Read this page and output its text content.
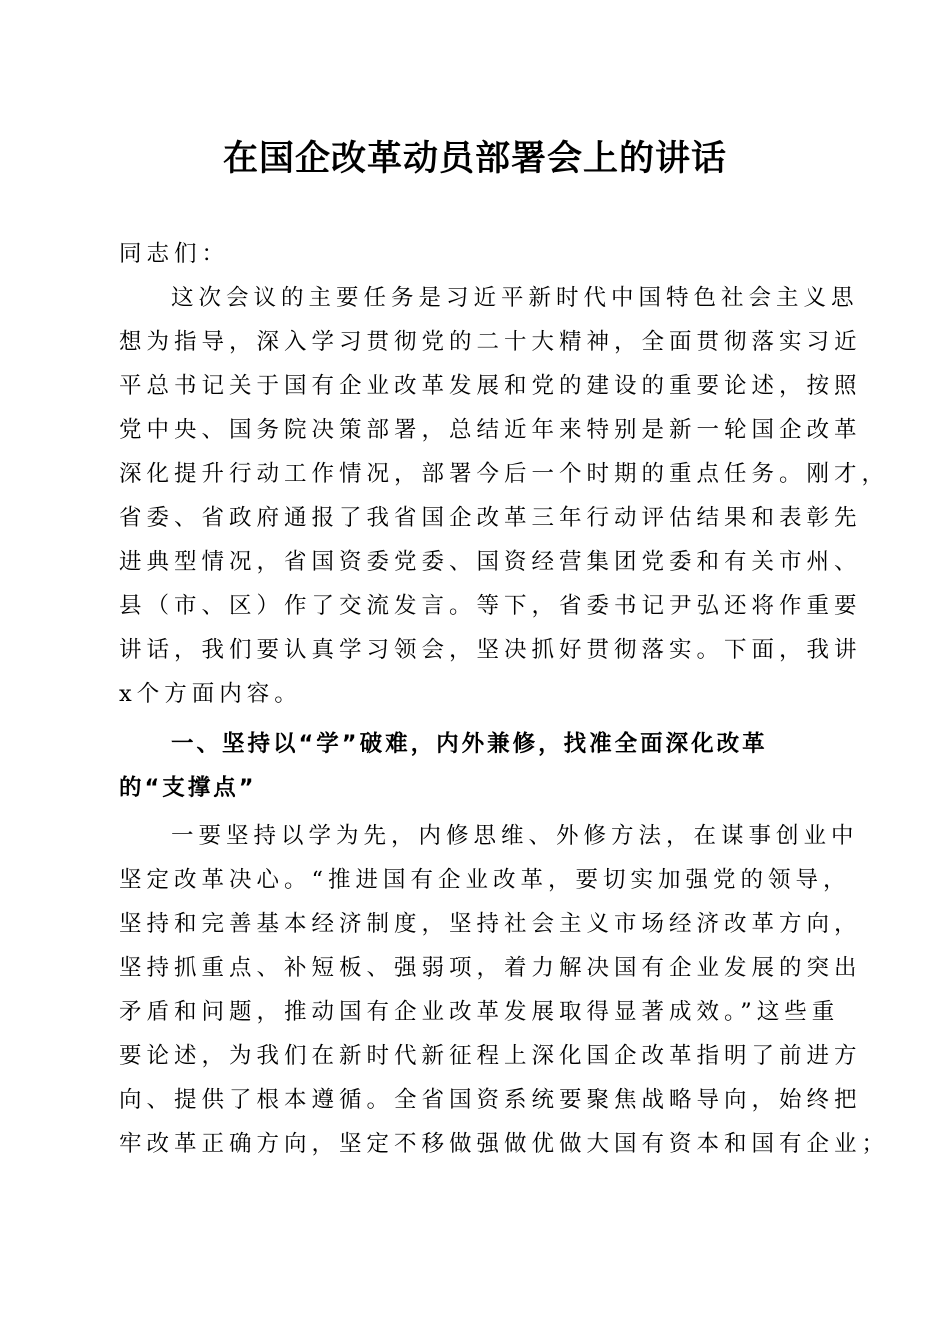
在国企改革动员部署会上的讲话
同志们：
这次会议的主要任务是习近平新时代中国特色社会主义思
想为指导，深入学习贯彻党的二十大精神，全面贯彻落实习近
平总书记关于国有企业改革发展和党的建设的重要论述，按照
党中央、国务院决策部署，总结近年来特别是新一轮国企改革
深化提升行动工作情况，部署今后一个时期的重点任务。刚才，
省委、省政府通报了我省国企改革三年行动评估结果和表彰先
进典型情况，省国资委党委、国资经营集团党委和有关市州、
县（市、区）作了交流发言。等下，省委书记尹弘还将作重要
讲话，我们要认真学习领会，坚决抓好贯彻落实。下面，我讲
x个方面内容。
一、坚持以“学”破难，内外兼修，找准全面深化改革
的“支撑点”
一要坚持以学为先，内修思维、外修方法，在谋事创业中
坚定改革决心。“推进国有企业改革，要切实加强党的领导，
坚持和完善基本经济制度，坚持社会主义市场经济改革方向，
坚持抓重点、补短板、强弱项，着力解决国有企业发展的突出
矛盾和问题，推动国有企业改革发展取得显著成效。”这些重
要论述，为我们在新时代新征程上深化国企改革指明了前进方
向、提供了根本遵循。全省国资系统要聚焦战略导向，始终把
牢改革正确方向，坚定不移做强做优做大国有资本和国有企业；
